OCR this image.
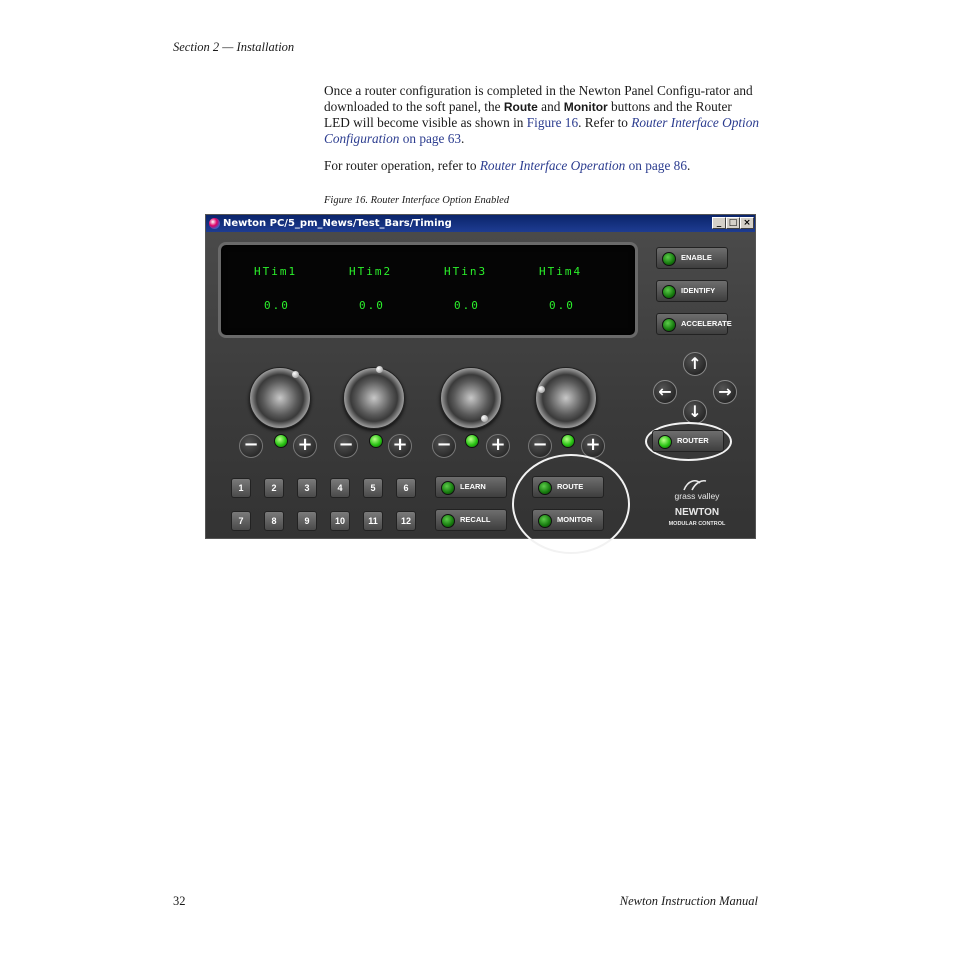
Section 2 — Installation
Once a router configuration is completed in the Newton Panel Configu-rator and downloaded to the soft panel, the Route and Monitor buttons and the Router LED will become visible as shown in Figure 16. Refer to Router Interface Option Configuration on page 63.
For router operation, refer to Router Interface Operation on page 86.
Figure 16. Router Interface Option Enabled
Newton PC/5_pm_News/Test_Bars/Timing	_ □ ×
HTim1	HTim2	HTin3	HTim4
0.0	0.0	0.0	0.0
− + − + − + − +
1	2	3	4	5	6
7	8	9	10	11	12
LEARN
RECALL
ROUTE
MONITOR
ENABLE
IDENTIFY
ACCELERATE
↑
←	→
↓
ROUTER
grass valley
NEWTON
MODULAR CONTROL
32	Newton Instruction Manual
